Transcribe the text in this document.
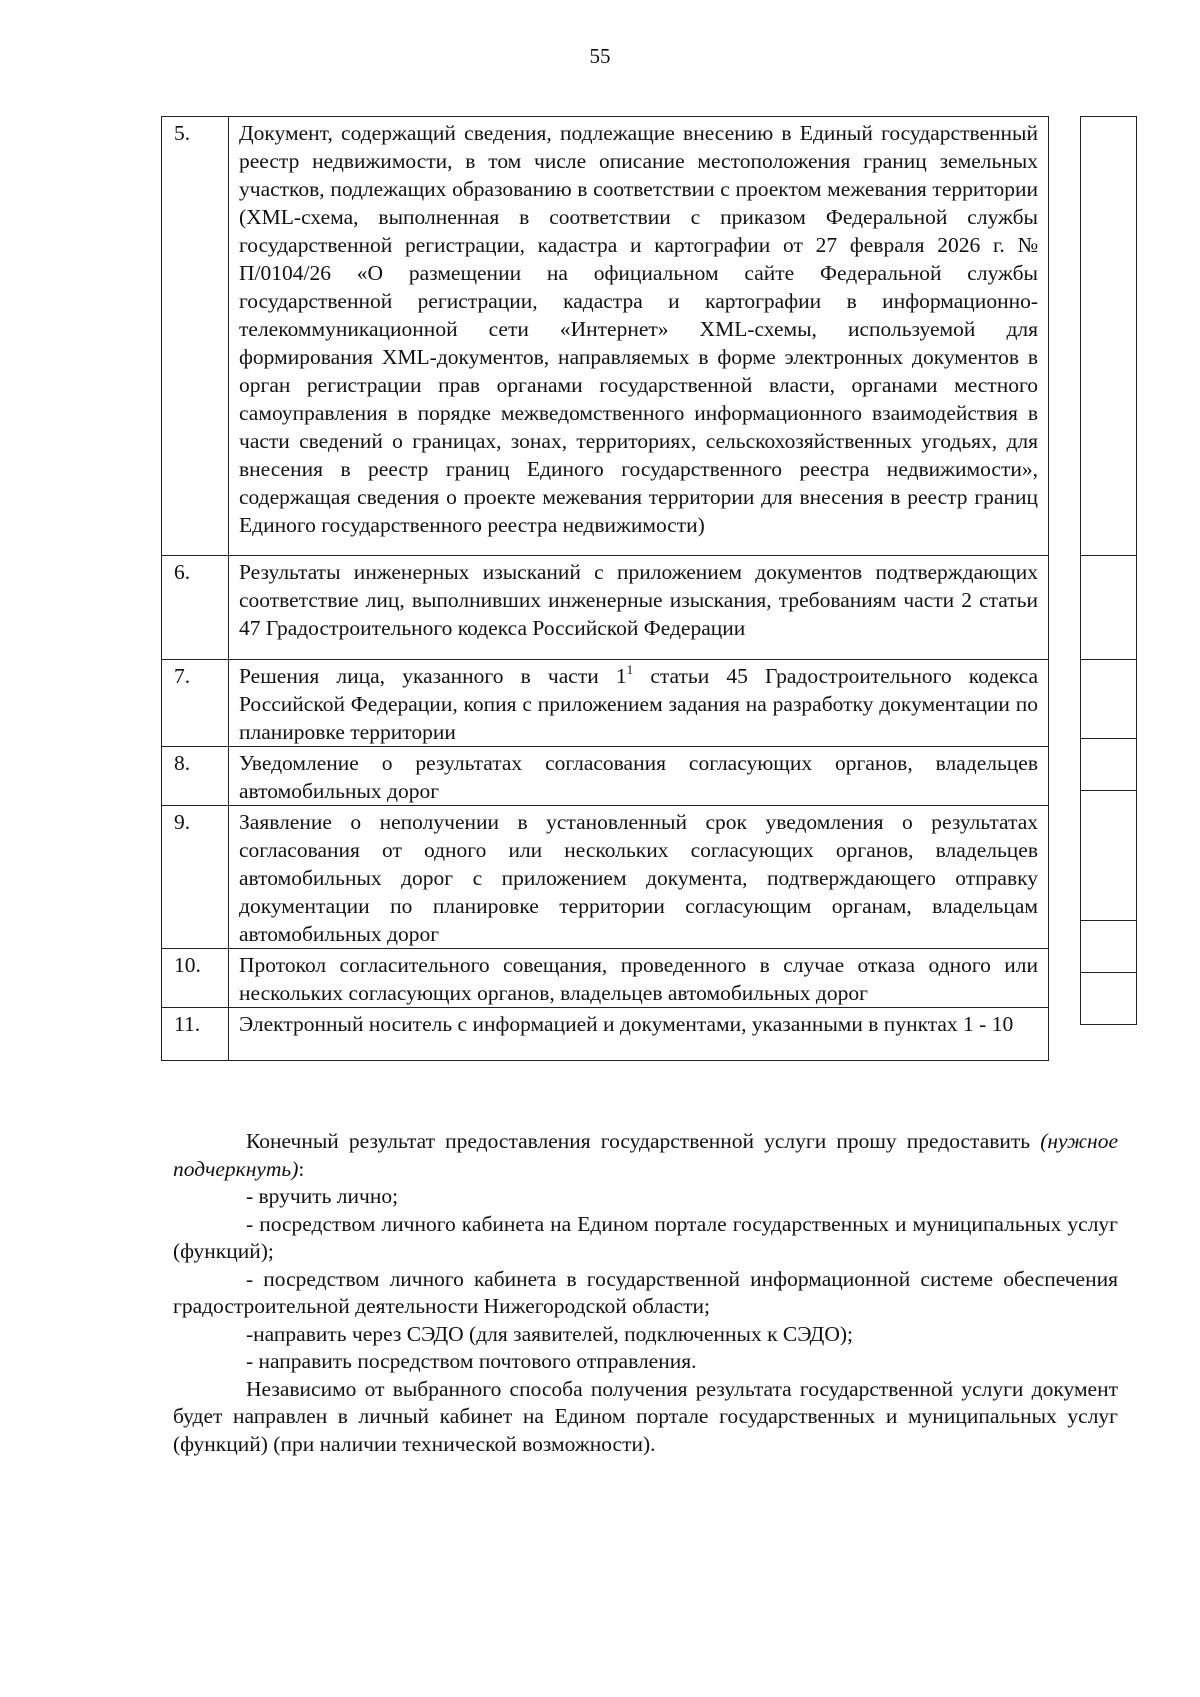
55
5.	Документ, содержащий сведения, подлежащие внесению в Единый государственный реестр недвижимости, в том числе описание местоположения границ земельных участков, подлежащих образованию в соответствии с проектом межевания территории (XML-схема, выполненная в соответствии с приказом Федеральной службы государственной регистрации, кадастра и картографии от 27 февраля 2026 г. № П/0104/26 «О размещении на официальном сайте Федеральной службы государственной регистрации, кадастра и картографии в информационно-телекоммуникационной сети «Интернет» XML-схемы, используемой для формирования XML-документов, направляемых в форме электронных документов в орган регистрации прав органами государственной власти, органами местного самоуправления в порядке межведомственного информационного взаимодействия в части сведений о границах, зонах, территориях, сельскохозяйственных угодьях, для внесения в реестр границ Единого государственного реестра недвижимости», содержащая сведения о проекте межевания территории для внесения в реестр границ Единого государственного реестра недвижимости)
6.	Результаты инженерных изысканий с приложением документов подтверждающих соответствие лиц, выполнивших инженерные изыскания, требованиям части 2 статьи 47 Градостроительного кодекса Российской Федерации
7.	Решения лица, указанного в части $1^1$ статьи 45 Градостроительного кодекса Российской Федерации, копия с приложением задания на разработку документации по планировке территории
8.	Уведомление о результатах согласования согласующих органов, владельцев автомобильных дорог
9.	Заявление о неполучении в установленный срок уведомления о результатах согласования от одного или нескольких согласующих органов, владельцев автомобильных дорог с приложением документа, подтверждающего отправку документации по планировке территории согласующим органам, владельцам автомобильных дорог
10.	Протокол согласительного совещания, проведенного в случае отказа одного или нескольких согласующих органов, владельцев автомобильных дорог
11.	Электронный носитель с информацией и документами, указанными в пунктах 1 - 10

Конечный результат предоставления государственной услуги прошу предоставить (нужное подчеркнуть):

- вручить лично;

- посредством личного кабинета на Едином портале государственных и муниципальных услуг (функций);

- посредством личного кабинета в государственной информационной системе обеспечения градостроительной деятельности Нижегородской области;

-направить через СЭДО (для заявителей, подключенных к СЭДО);

- направить посредством почтового отправления.

Независимо от выбранного способа получения результата государственной услуги документ будет направлен в личный кабинет на Едином портале государственных и муниципальных услуг (функций) (при наличии технической возможности).
